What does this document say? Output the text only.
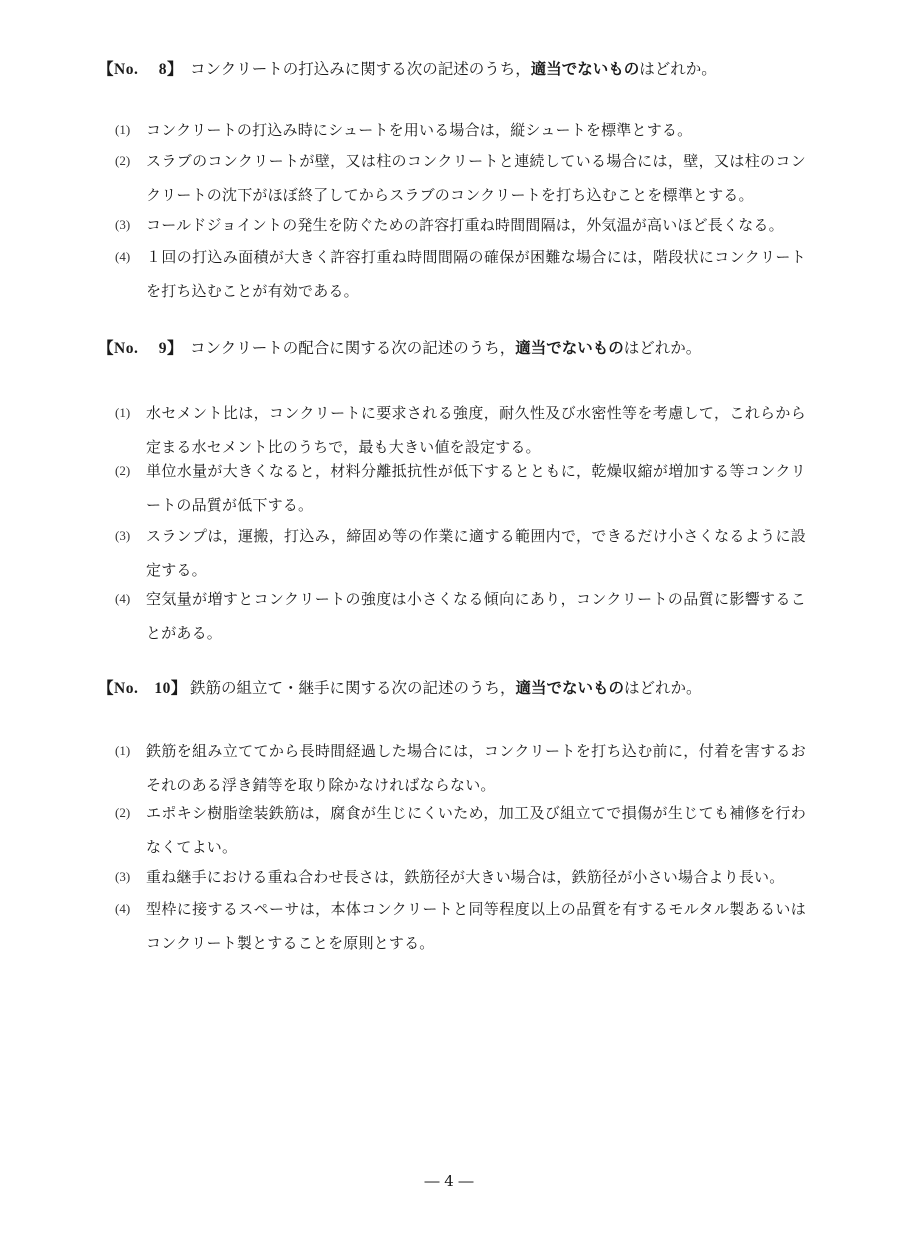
【No.　 8】 コンクリートの打込みに関する次の記述のうち，適当でないものはどれか。
(1)	コンクリートの打込み時にシュートを用いる場合は，縦シュートを標準とする。
(2)	スラブのコンクリートが壁，又は柱のコンクリートと連続している場合には，壁，又は柱のコンクリートの沈下がほぼ終了してからスラブのコンクリートを打ち込むことを標準とする。
(3)	コールドジョイントの発生を防ぐための許容打重ね時間間隔は，外気温が高いほど長くなる。
(4)	１回の打込み面積が大きく許容打重ね時間間隔の確保が困難な場合には，階段状にコンクリートを打ち込むことが有効である。
【No.　 9】 コンクリートの配合に関する次の記述のうち，適当でないものはどれか。
(1)	水セメント比は，コンクリートに要求される強度，耐久性及び水密性等を考慮して，これらから定まる水セメント比のうちで，最も大きい値を設定する。
(2)	単位水量が大きくなると，材料分離抵抗性が低下するとともに，乾燥収縮が増加する等コンクリートの品質が低下する。
(3)	スランプは，運搬，打込み，締固め等の作業に適する範囲内で，できるだけ小さくなるように設定する。
(4)	空気量が増すとコンクリートの強度は小さくなる傾向にあり，コンクリートの品質に影響することがある。
【No.　10】 鉄筋の組立て・継手に関する次の記述のうち，適当でないものはどれか。
(1)	鉄筋を組み立ててから長時間経過した場合には，コンクリートを打ち込む前に，付着を害するおそれのある浮き錆等を取り除かなければならない。
(2)	エポキシ樹脂塗装鉄筋は，腐食が生じにくいため，加工及び組立てで損傷が生じても補修を行わなくてよい。
(3)	重ね継手における重ね合わせ長さは，鉄筋径が大きい場合は，鉄筋径が小さい場合より長い。
(4)	型枠に接するスペーサは，本体コンクリートと同等程度以上の品質を有するモルタル製あるいはコンクリート製とすることを原則とする。
― 4 ―
